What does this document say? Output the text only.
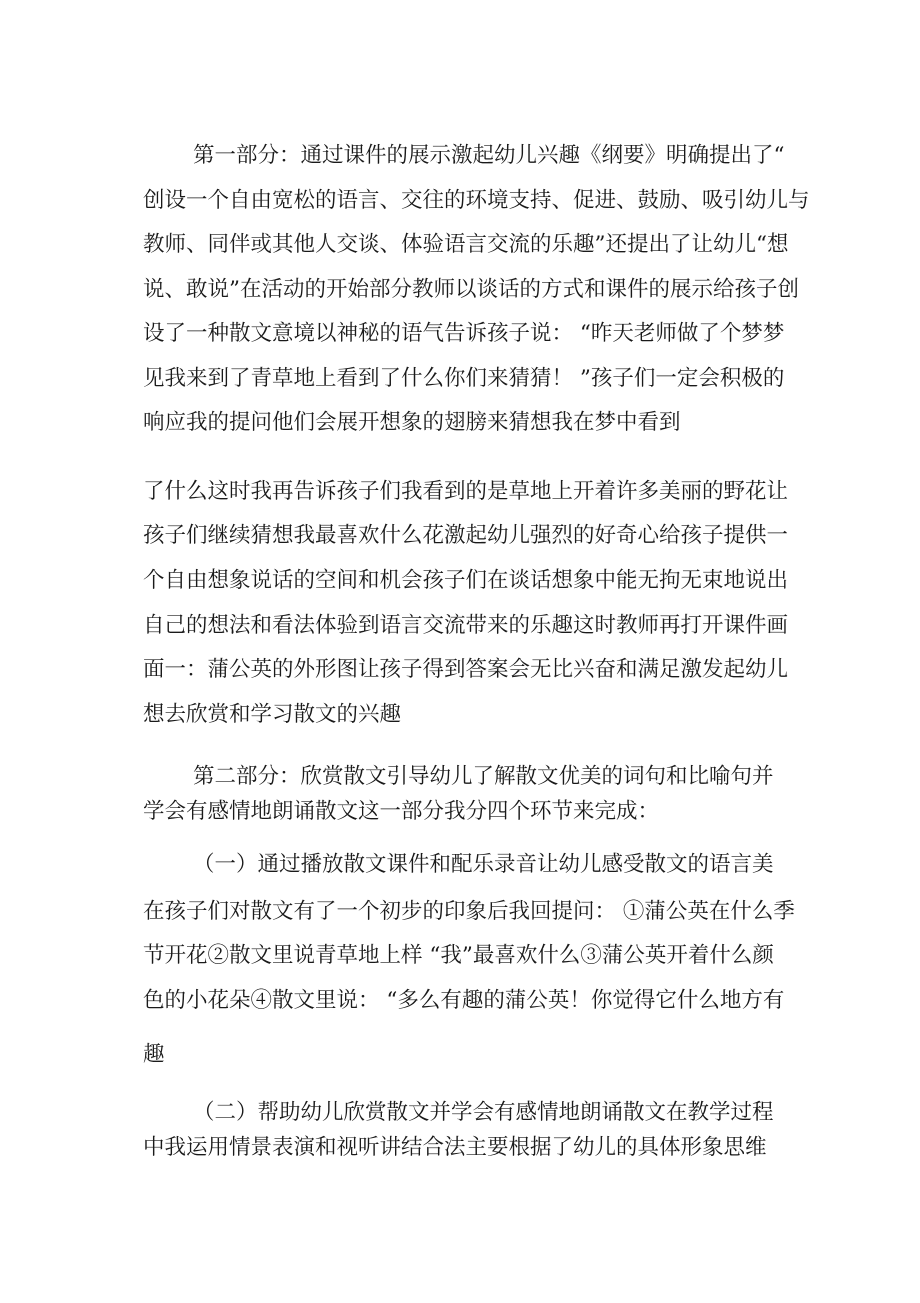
第一部分：通过课件的展示激起幼儿兴趣《纲要》明确提出了“
创设一个自由宽松的语言、交往的环境支持、促进、鼓励、吸引幼儿与
教师、同伴或其他人交谈、体验语言交流的乐趣”还提出了让幼儿“想
说、敢说”在活动的开始部分教师以谈话的方式和课件的展示给孩子创
设了一种散文意境以神秘的语气告诉孩子说： “昨天老师做了个梦梦
见我来到了青草地上看到了什么你们来猜猜！ ”孩子们一定会积极的
响应我的提问他们会展开想象的翅膀来猜想我在梦中看到
了什么这时我再告诉孩子们我看到的是草地上开着许多美丽的野花让
孩子们继续猜想我最喜欢什么花激起幼儿强烈的好奇心给孩子提供一
个自由想象说话的空间和机会孩子们在谈话想象中能无拘无束地说出
自己的想法和看法体验到语言交流带来的乐趣这时教师再打开课件画
面一：蒲公英的外形图让孩子得到答案会无比兴奋和满足激发起幼儿
想去欣赏和学习散文的兴趣
第二部分：欣赏散文引导幼儿了解散文优美的词句和比喻句并
学会有感情地朗诵散文这一部分我分四个环节来完成：
（一）通过播放散文课件和配乐录音让幼儿感受散文的语言美
在孩子们对散文有了一个初步的印象后我回提问： ①蒲公英在什么季
节开花②散文里说青草地上样 “我”最喜欢什么③蒲公英开着什么颜
色的小花朵④散文里说： “多么有趣的蒲公英！你觉得它什么地方有
趣
（二）帮助幼儿欣赏散文并学会有感情地朗诵散文在教学过程
中我运用情景表演和视听讲结合法主要根据了幼儿的具体形象思维
